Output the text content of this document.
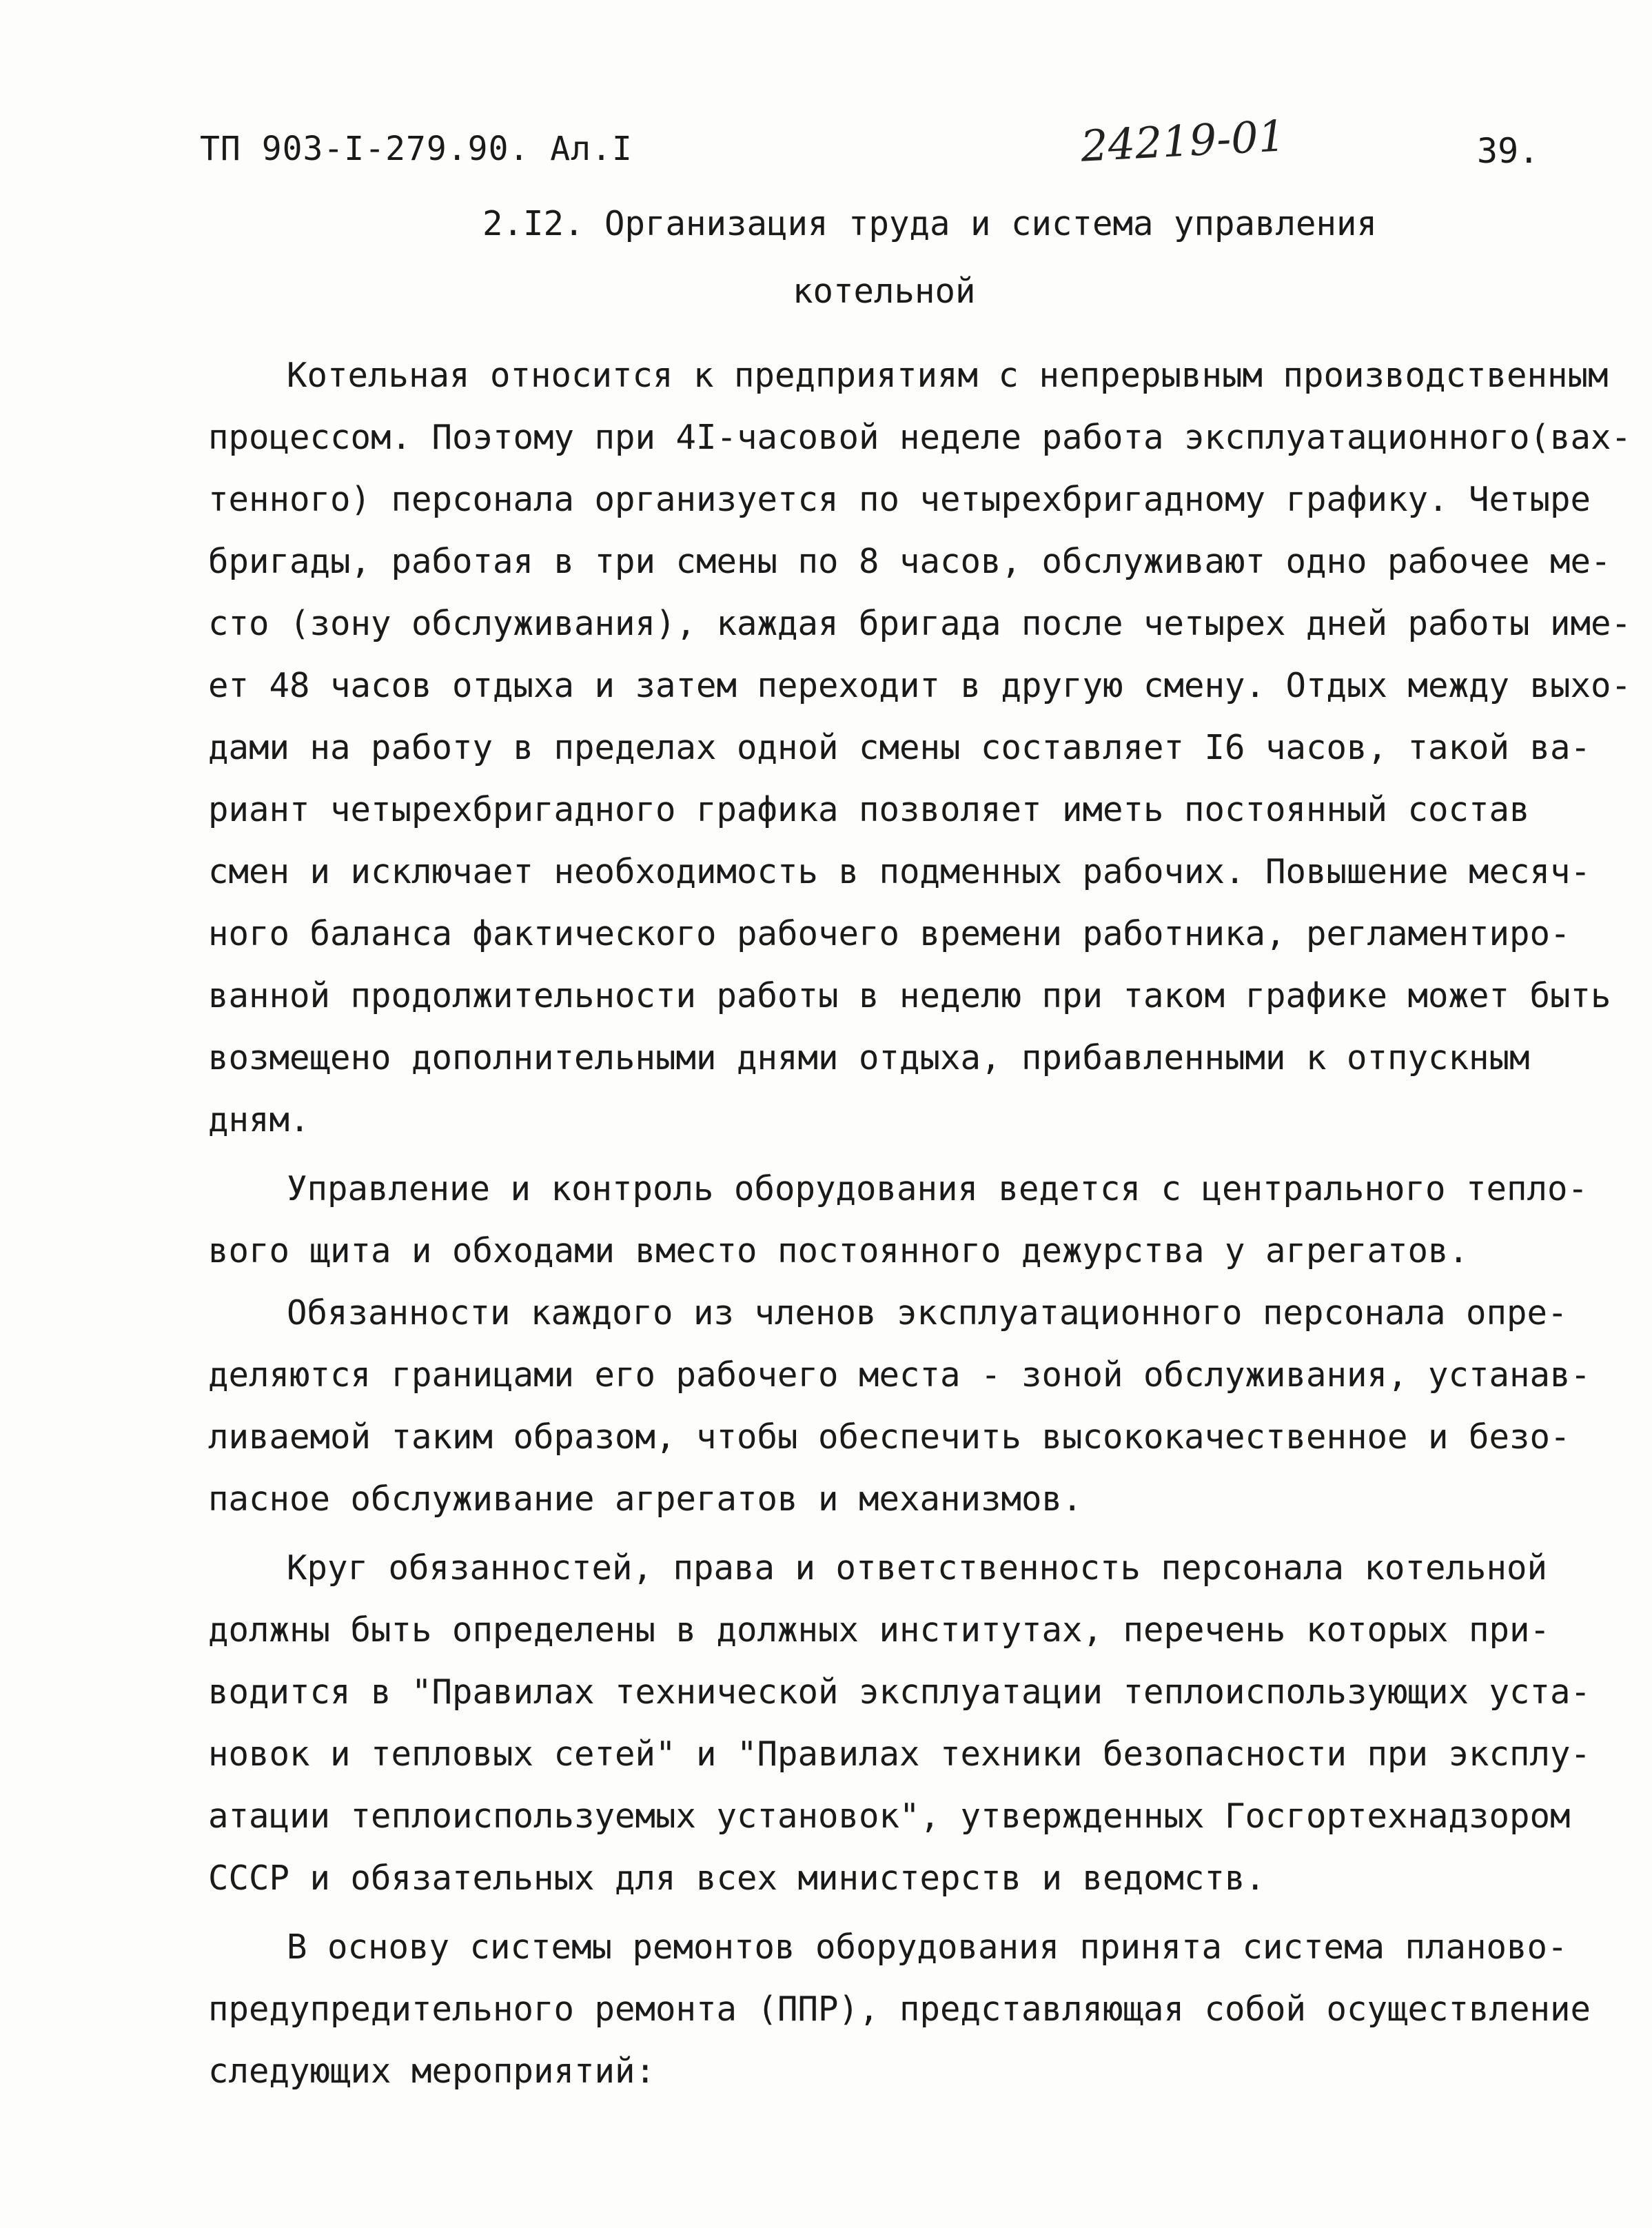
ТП 903-I-279.90. Ал.I	24219-01	39.
2.I2. Организация труда и система управления
котельной
Котельная относится к предприятиям с непрерывным производственным
процессом. Поэтому при 4I-часовой неделе работа эксплуатационного(вах-
тенного) персонала организуется по четырехбригадному графику. Четыре
бригады, работая в три смены по 8 часов, обслуживают одно рабочее ме-
сто (зону обслуживания), каждая бригада после четырех дней работы име-
ет 48 часов отдыха и затем переходит в другую смену. Отдых между выхо-
дами на работу в пределах одной смены составляет I6 часов, такой ва-
риант четырехбригадного графика позволяет иметь постоянный состав
смен и исключает необходимость в подменных рабочих. Повышение месяч-
ного баланса фактического рабочего времени работника, регламентиро-
ванной продолжительности работы в неделю при таком графике может быть
возмещено дополнительными днями отдыха, прибавленными к отпускным
дням.
Управление и контроль оборудования ведется с центрального тепло-
вого щита и обходами вместо постоянного дежурства у агрегатов.
Обязанности каждого из членов эксплуатационного персонала опре-
деляются границами его рабочего места - зоной обслуживания, устанав-
ливаемой таким образом, чтобы обеспечить высококачественное и безо-
пасное обслуживание агрегатов и механизмов.
Круг обязанностей, права и ответственность персонала котельной
должны быть определены в должных институтах, перечень которых при-
водится в "Правилах технической эксплуатации теплоиспользующих уста-
новок и тепловых сетей" и "Правилах техники безопасности при эксплу-
атации теплоиспользуемых установок", утвержденных Госгортехнадзором
СССР и обязательных для всех министерств и ведомств.
В основу системы ремонтов оборудования принята система планово-
предупредительного ремонта (ППР), представляющая собой осуществление
следующих мероприятий:
